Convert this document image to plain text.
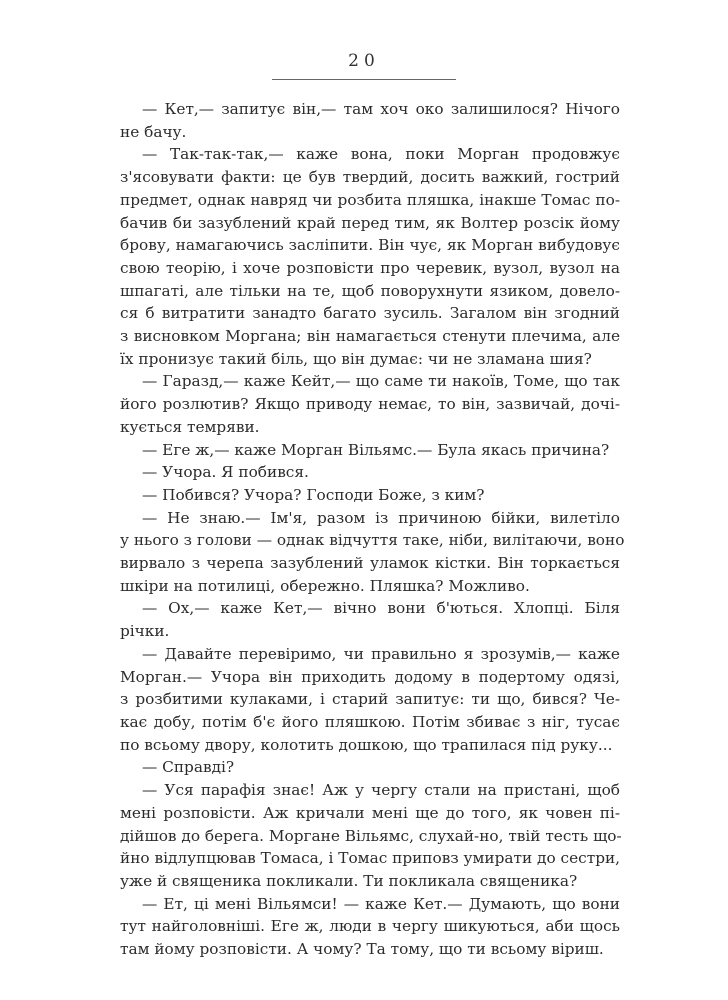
20

— Кет,— запитує він,— там хоч око залишилося? Нічого
не бачу.

— Так-так-так,— каже вона, поки Морган продовжує
з'ясовувати факти: це був твердий, досить важкий, гострий
предмет, однак навряд чи розбита пляшка, інакше Томас по-
бачив би зазублений край перед тим, як Волтер розсік йому
брову, намагаючись засліпити. Він чує, як Морган вибудовує
свою теорію, і хоче розповісти про черевик, вузол, вузол на
шпагаті, але тільки на те, щоб поворухнути язиком, довело-
ся б витратити занадто багато зусиль. Загалом він згодний
з висновком Моргана; він намагається стенути плечима, але
їх пронизує такий біль, що він думає: чи не зламана шия?

— Гаразд,— каже Кейт,— що саме ти накоїв, Томе, що так
його розлютив? Якщо приводу немає, то він, зазвичай, дочі-
кується темряви.

— Еге ж,— каже Морган Вільямс.— Була якась причина?

— Учора. Я побився.

— Побився? Учора? Господи Боже, з ким?

— Не знаю.— Ім'я, разом із причиною бійки, вилетіло
у нього з голови — однак відчуття таке, ніби, вилітаючи, воно
вирвало з черепа зазублений уламок кістки. Він торкається
шкіри на потилиці, обережно. Пляшка? Можливо.

— Ох,— каже Кет,— вічно вони б'ються. Хлопці. Біля
річки.

— Давайте перевіримо, чи правильно я зрозумів,— каже
Морган.— Учора він приходить додому в подертому одязі,
з розбитими кулаками, і старий запитує: ти що, бився? Че-
кає добу, потім б'є його пляшкою. Потім збиває з ніг, тусає
по всьому двору, колотить дошкою, що трапилася під руку...

— Справді?

— Уся парафія знає! Аж у чергу стали на пристані, щоб
мені розповісти. Аж кричали мені ще до того, як човен пі-
дійшов до берега. Моргане Вільямс, слухай-но, твій тесть що-
йно відлупцював Томаса, і Томас приповз умирати до сестри,
уже й священика покликали. Ти покликала священика?

— Ет, ці мені Вільямси! — каже Кет.— Думають, що вони
тут найголовніші. Еге ж, люди в чергу шикуються, аби щось
там йому розповісти. А чому? Та тому, що ти всьому віриш.
